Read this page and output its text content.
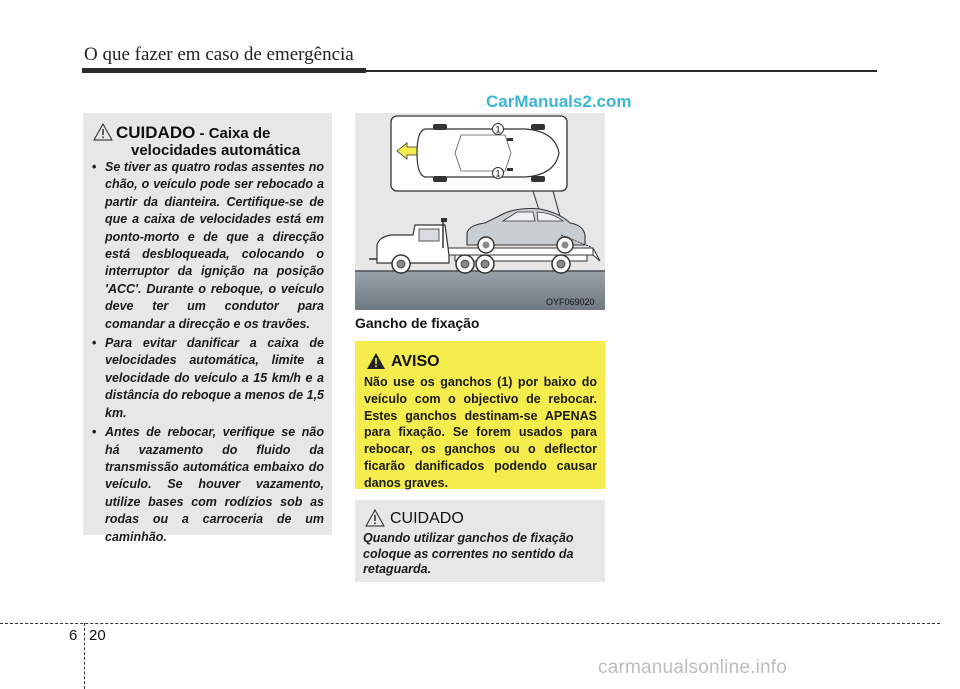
O que fazer em caso de emergência
CarManuals2.com
CUIDADO - Caixa de
velocidades automática
• Se tiver as quatro rodas assentes no chão, o veículo pode ser rebocado a partir da dianteira. Certifique-se de que a caixa de velocidades está em ponto-morto e de que a direcção está desbloqueada, colocando o interruptor da ignição na posição 'ACC'. Durante o reboque, o veículo deve ter um condutor para comandar a direcção e os travões.
• Para evitar danificar a caixa de velocidades automática, limite a velocidade do veículo a 15 km/h e a distância do reboque a menos de 1,5 km.
• Antes de rebocar, verifique se não há vazamento do fluido da transmissão automática embaixo do veículo. Se houver vazamento, utilize bases com rodízios sob as rodas ou a carroceria de um caminhão.
1
1
OYF069020
Gancho de fixação
AVISO

Não use os ganchos (1) por baixo do veículo com o objectivo de rebocar. Estes ganchos destinam-se APENAS para fixação. Se forem usados para rebocar, os ganchos ou o deflector ficarão danificados podendo causar danos graves.

CUIDADO

Quando utilizar ganchos de fixação coloque as correntes no sentido da retaguarda.

6 20
carmanualsonline.info
